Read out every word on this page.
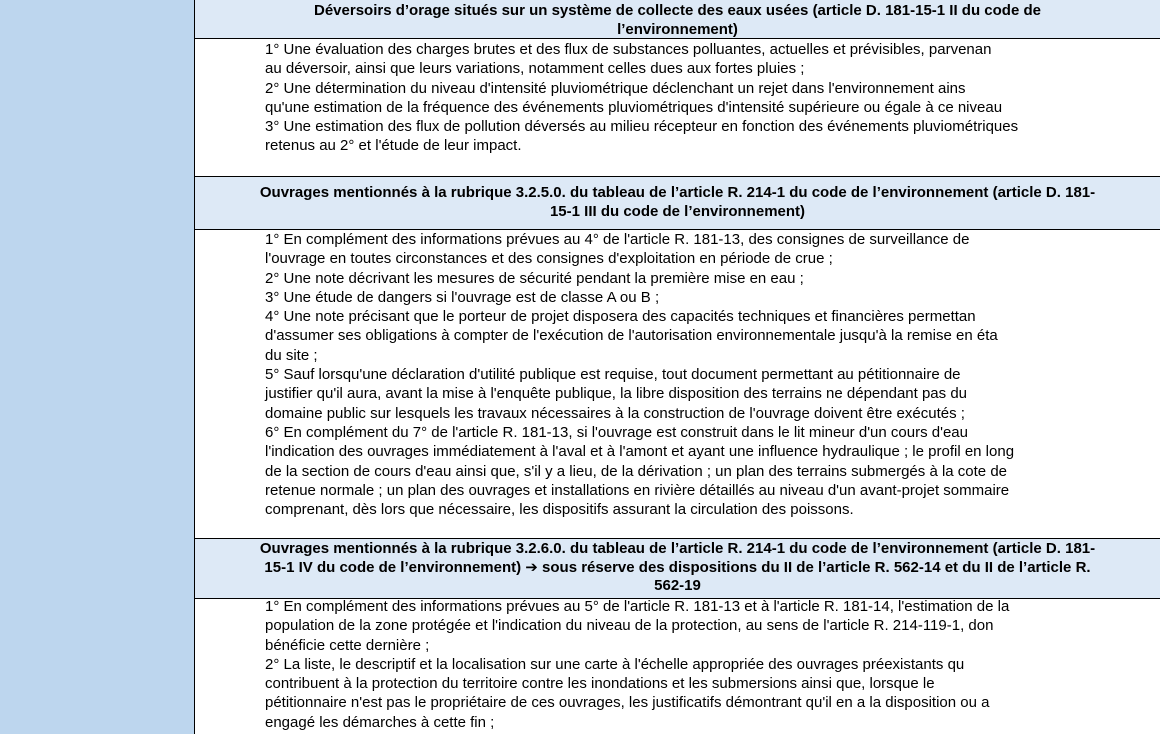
Déversoirs d’orage situés sur un système de collecte des eaux usées (article D. 181-15-1 II du code de
l’environnement)
1° Une évaluation des charges brutes et des flux de substances polluantes, actuelles et prévisibles, parvenan
au déversoir, ainsi que leurs variations, notamment celles dues aux fortes pluies ;
2° Une détermination du niveau d'intensité pluviométrique déclenchant un rejet dans l'environnement ains
qu'une estimation de la fréquence des événements pluviométriques d'intensité supérieure ou égale à ce niveau
3° Une estimation des flux de pollution déversés au milieu récepteur en fonction des événements pluviométriques
retenus au 2° et l'étude de leur impact.
Ouvrages mentionnés à la rubrique 3.2.5.0. du tableau de l’article R. 214-1 du code de l’environnement (article D. 181-
15-1 III du code de l’environnement)
1° En complément des informations prévues au 4° de l'article R. 181-13, des consignes de surveillance de
l'ouvrage en toutes circonstances et des consignes d'exploitation en période de crue ;
2° Une note décrivant les mesures de sécurité pendant la première mise en eau ;
3° Une étude de dangers si l'ouvrage est de classe A ou B ;
4° Une note précisant que le porteur de projet disposera des capacités techniques et financières permettan
d'assumer ses obligations à compter de l'exécution de l'autorisation environnementale jusqu'à la remise en éta
du site ;
5° Sauf lorsqu'une déclaration d'utilité publique est requise, tout document permettant au pétitionnaire de
justifier qu'il aura, avant la mise à l'enquête publique, la libre disposition des terrains ne dépendant pas du
domaine public sur lesquels les travaux nécessaires à la construction de l'ouvrage doivent être exécutés ;
6° En complément du 7° de l'article R. 181-13, si l'ouvrage est construit dans le lit mineur d'un cours d'eau
l'indication des ouvrages immédiatement à l'aval et à l'amont et ayant une influence hydraulique ; le profil en long
de la section de cours d'eau ainsi que, s'il y a lieu, de la dérivation ; un plan des terrains submergés à la cote de
retenue normale ; un plan des ouvrages et installations en rivière détaillés au niveau d'un avant-projet sommaire
comprenant, dès lors que nécessaire, les dispositifs assurant la circulation des poissons.
Ouvrages mentionnés à la rubrique 3.2.6.0. du tableau de l’article R. 214-1 du code de l’environnement (article D. 181-
15-1 IV du code de l’environnement) ➔ sous réserve des dispositions du II de l’article R. 562-14 et du II de l’article R.
562-19
1° En complément des informations prévues au 5° de l'article R. 181-13 et à l'article R. 181-14, l'estimation de la
population de la zone protégée et l'indication du niveau de la protection, au sens de l'article R. 214-119-1, don
bénéficie cette dernière ;
2° La liste, le descriptif et la localisation sur une carte à l'échelle appropriée des ouvrages préexistants qu
contribuent à la protection du territoire contre les inondations et les submersions ainsi que, lorsque le
pétitionnaire n'est pas le propriétaire de ces ouvrages, les justificatifs démontrant qu'il en a la disposition ou a
engagé les démarches à cette fin ;
